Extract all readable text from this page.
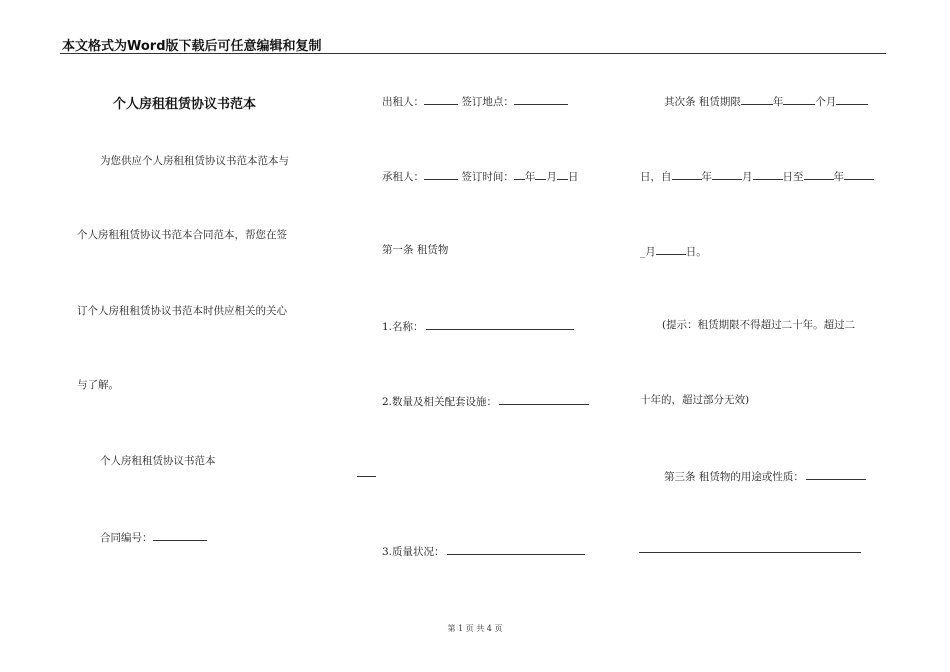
本文格式为Word版下载后可任意编辑和复制
个人房租租赁协议书范本
为您供应个人房租租赁协议书范本范本与
个人房租租赁协议书范本合同范本，帮您在签
订个人房租租赁协议书范本时供应相关的关心
与了解。
个人房租租赁协议书范本
合同编号：
出租人：	签订地点：
承租人：	签订时间： 年 月 日
第一条 租赁物
1.名称：
2.数量及相关配套设施：
3.质量状况：
其次条 租赁期限	年	个月
日，自	年	月	日至	年
_月	日。
(提示：租赁期限不得超过二十年。超过二
十年的，超过部分无效)
第三条 租赁物的用途或性质：
第 1 页 共 4 页
